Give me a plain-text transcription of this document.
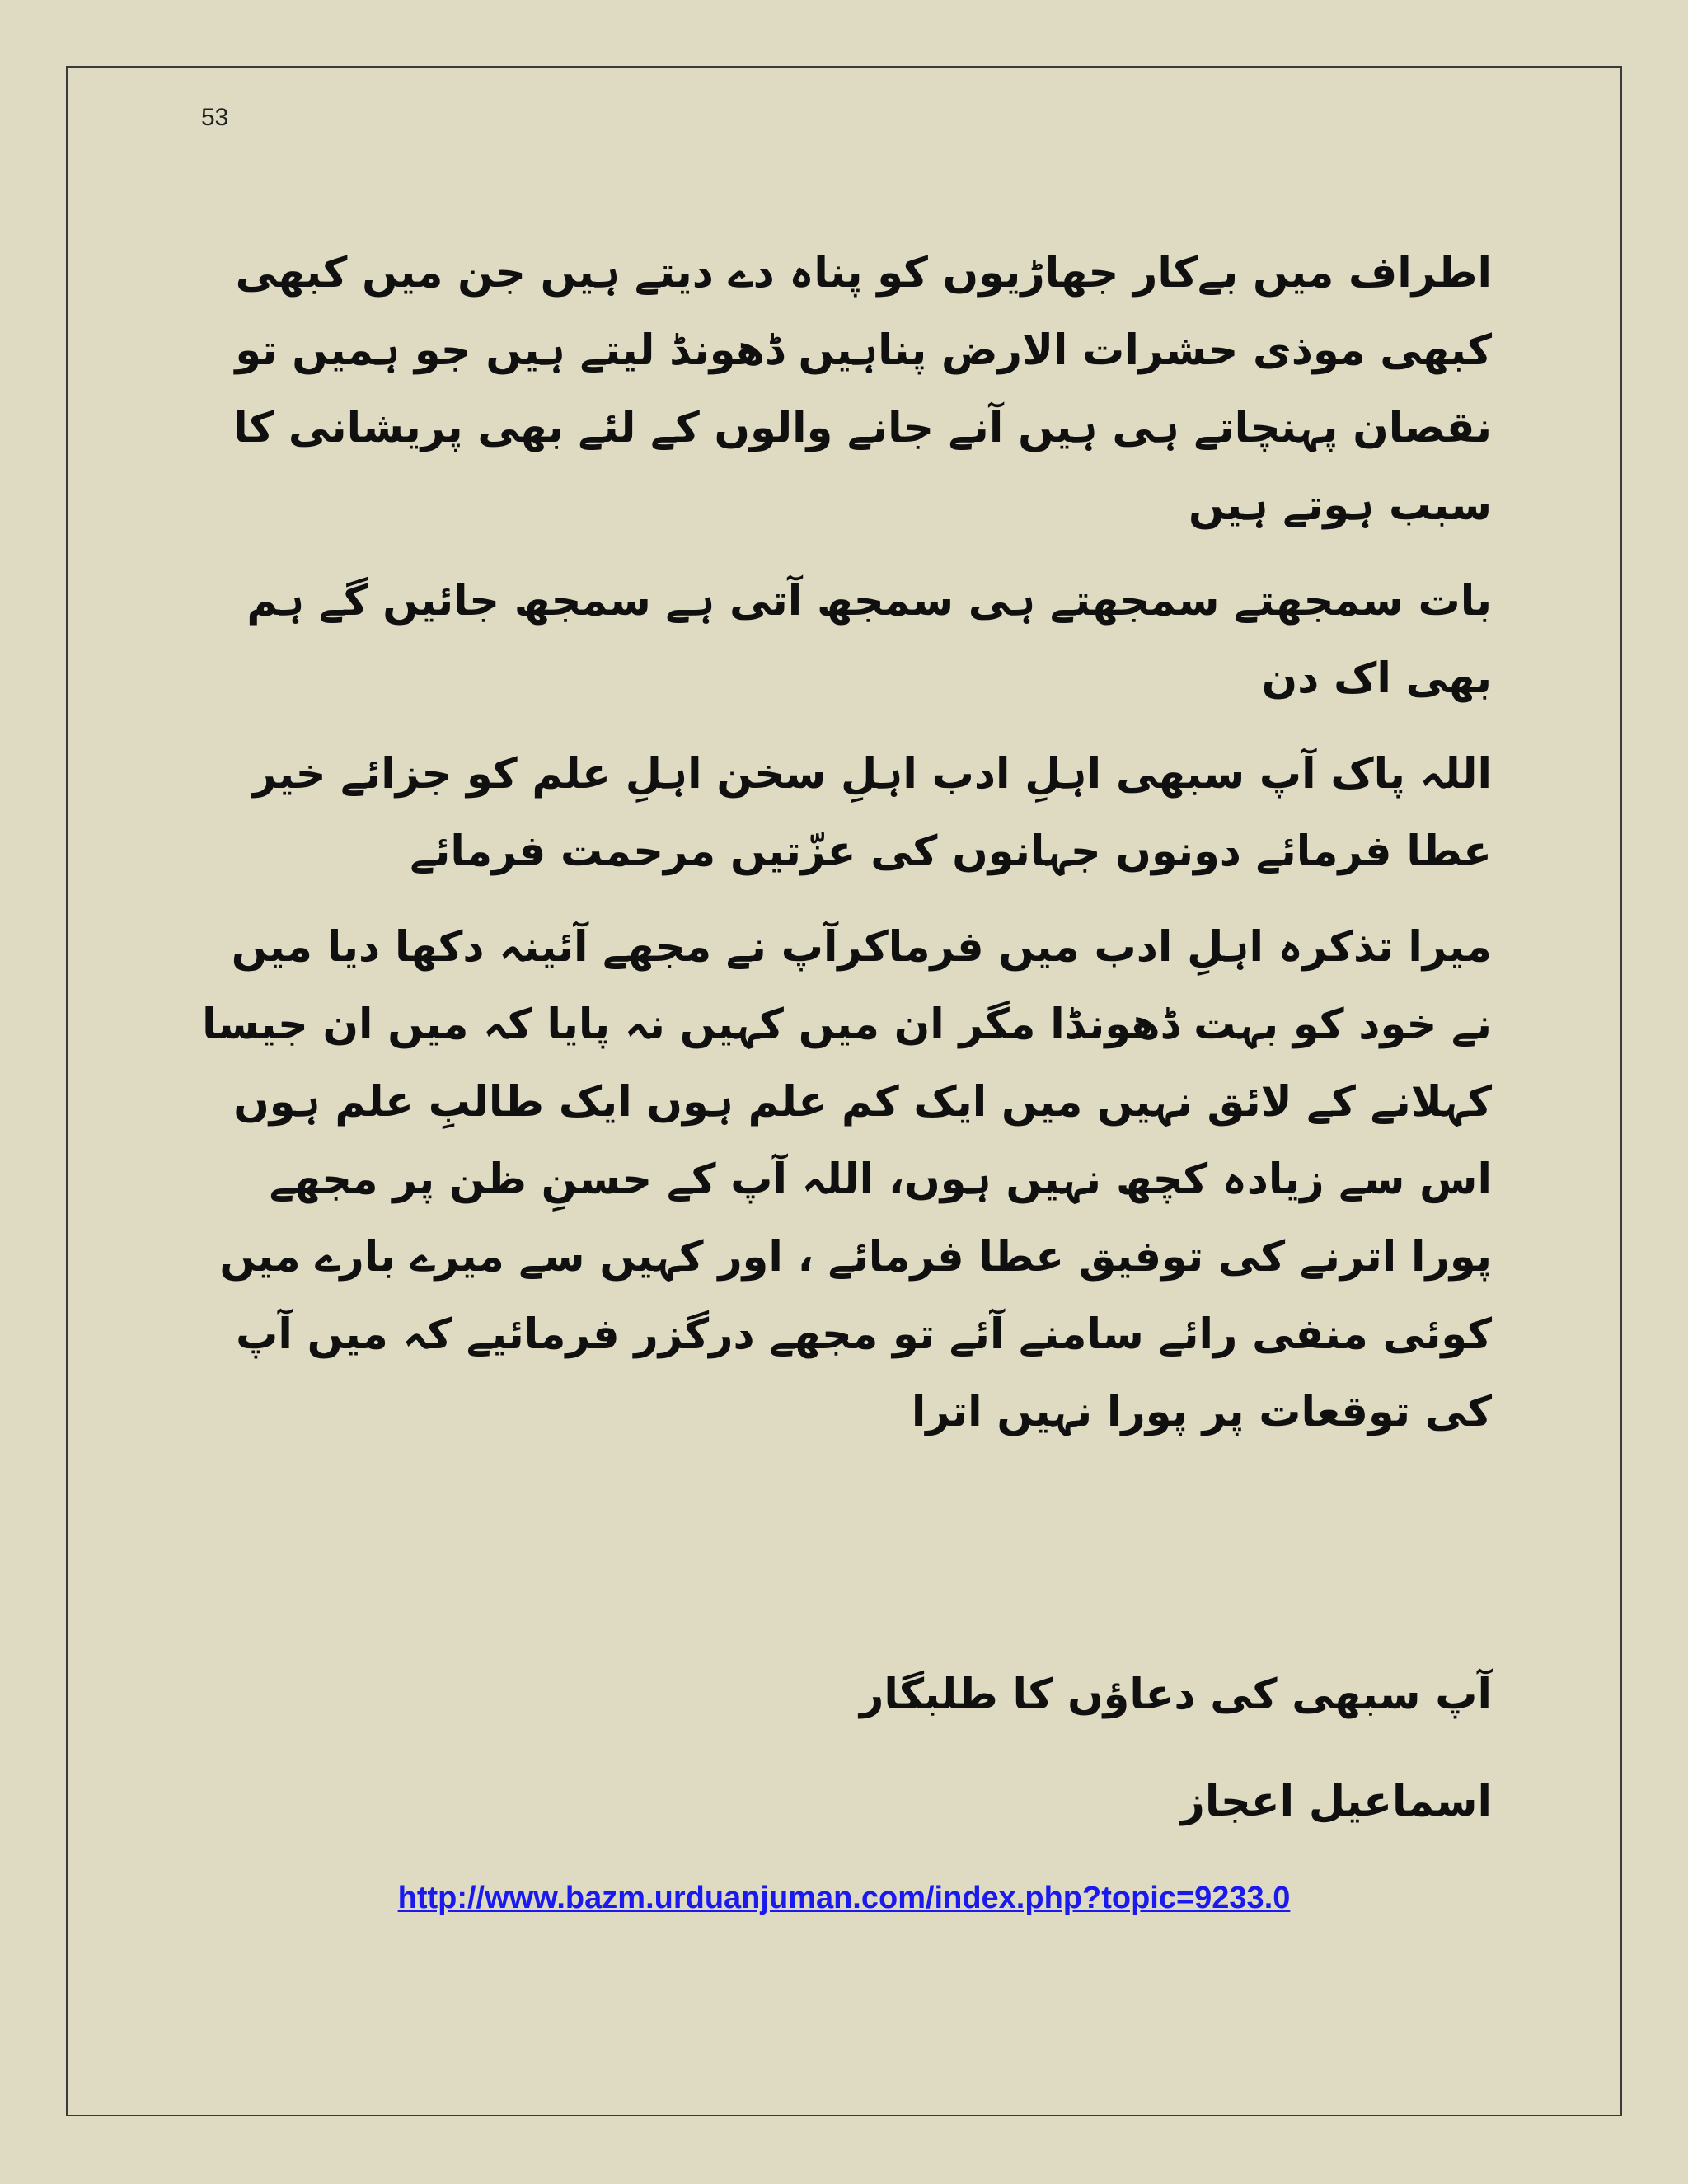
53

اطراف میں بےکار جھاڑیوں کو پناہ دے دیتے ہیں جن میں کبھی کبھی موذی حشرات الارض پناہیں ڈھونڈ لیتے ہیں جو ہمیں تو نقصان پہنچاتے ہی ہیں آنے جانے والوں کے لئے بھی پریشانی کا سبب ہوتے ہیں

بات سمجھتے سمجھتے ہی سمجھ آتی ہے سمجھ جائیں گے ہم بھی اک دن

اللہ پاک آپ سبھی اہلِ ادب اہلِ سخن اہلِ علم کو جزائے خیر عطا فرمائے دونوں جہانوں کی عزّتیں مرحمت فرمائے

میرا تذکرہ اہلِ ادب میں فرماکرآپ نے مجھے آئینہ دکھا دیا میں نے خود کو بہت ڈھونڈا مگر ان میں کہیں نہ پایا کہ میں ان جیسا کہلانے کے لائق نہیں میں ایک کم علم ہوں ایک طالبِ علم ہوں اس سے زیادہ کچھ نہیں ہوں، اللہ آپ کے حسنِ ظن پر مجھے پورا اترنے کی توفیق عطا فرمائے ، اور کہیں سے میرے بارے میں کوئی منفی رائے سامنے آئے تو مجھے درگزر فرمائیے کہ میں آپ کی توقعات پر پورا نہیں اترا

آپ سبھی کی دعاؤں کا طلبگار
اسماعیل اعجاز
http://www.bazm.urduanjuman.com/index.php?topic=9233.0
